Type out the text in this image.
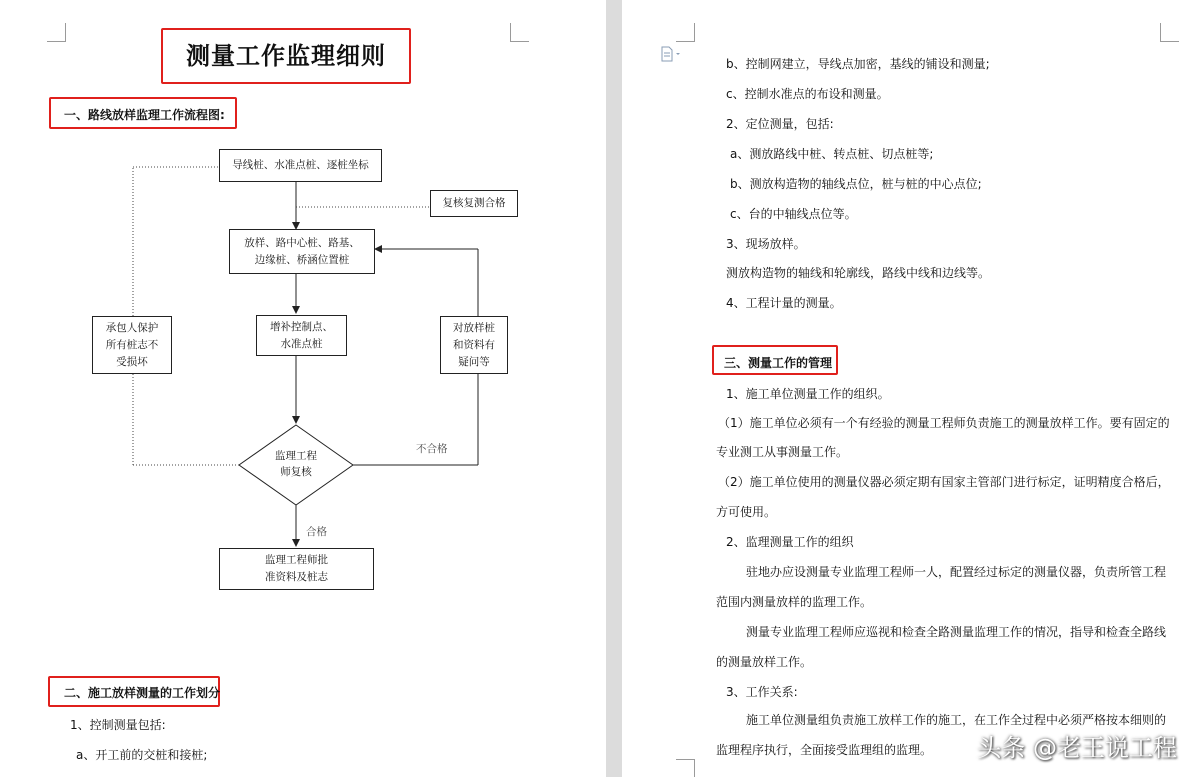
测量工作监理细则
一、路线放样监理工作流程图:
导线桩、水准点桩、逐桩坐标
复核复测合格
放样、路中心桩、路基、
边缘桩、桥涵位置桩
承包人保护
所有桩志不
受损坏
增补控制点、
水准点桩
对放样桩
和资料有
疑问等
监理工程
师复核
不合格
合格
监理工程师批
准资料及桩志
二、施工放样测量的工作划分
1、控制测量包括:
a、开工前的交桩和接桩;
b、控制网建立，导线点加密，基线的铺设和测量;
c、控制水准点的布设和测量。
2、定位测量，包括:
a、测放路线中桩、转点桩、切点桩等;
b、测放构造物的轴线点位，桩与桩的中心点位;
c、台的中轴线点位等。
3、现场放样。
测放构造物的轴线和轮廓线，路线中线和边线等。
4、工程计量的测量。
三、测量工作的管理
1、施工单位测量工作的组织。
（1）施工单位必须有一个有经验的测量工程师负责施工的测量放样工作。要有固定的
专业测工从事测量工作。
（2）施工单位使用的测量仪器必须定期有国家主管部门进行标定，证明精度合格后，
方可使用。
2、监理测量工作的组织
驻地办应设测量专业监理工程师一人，配置经过标定的测量仪器，负责所管工程
范围内测量放样的监理工作。
测量专业监理工程师应巡视和检查全路测量监理工作的情况，指导和检查全路线
的测量放样工作。
3、工作关系:
施工单位测量组负责施工放样工作的施工，在工作全过程中必须严格按本细则的
监理程序执行，全面接受监理组的监理。 头条 @老王说工程
